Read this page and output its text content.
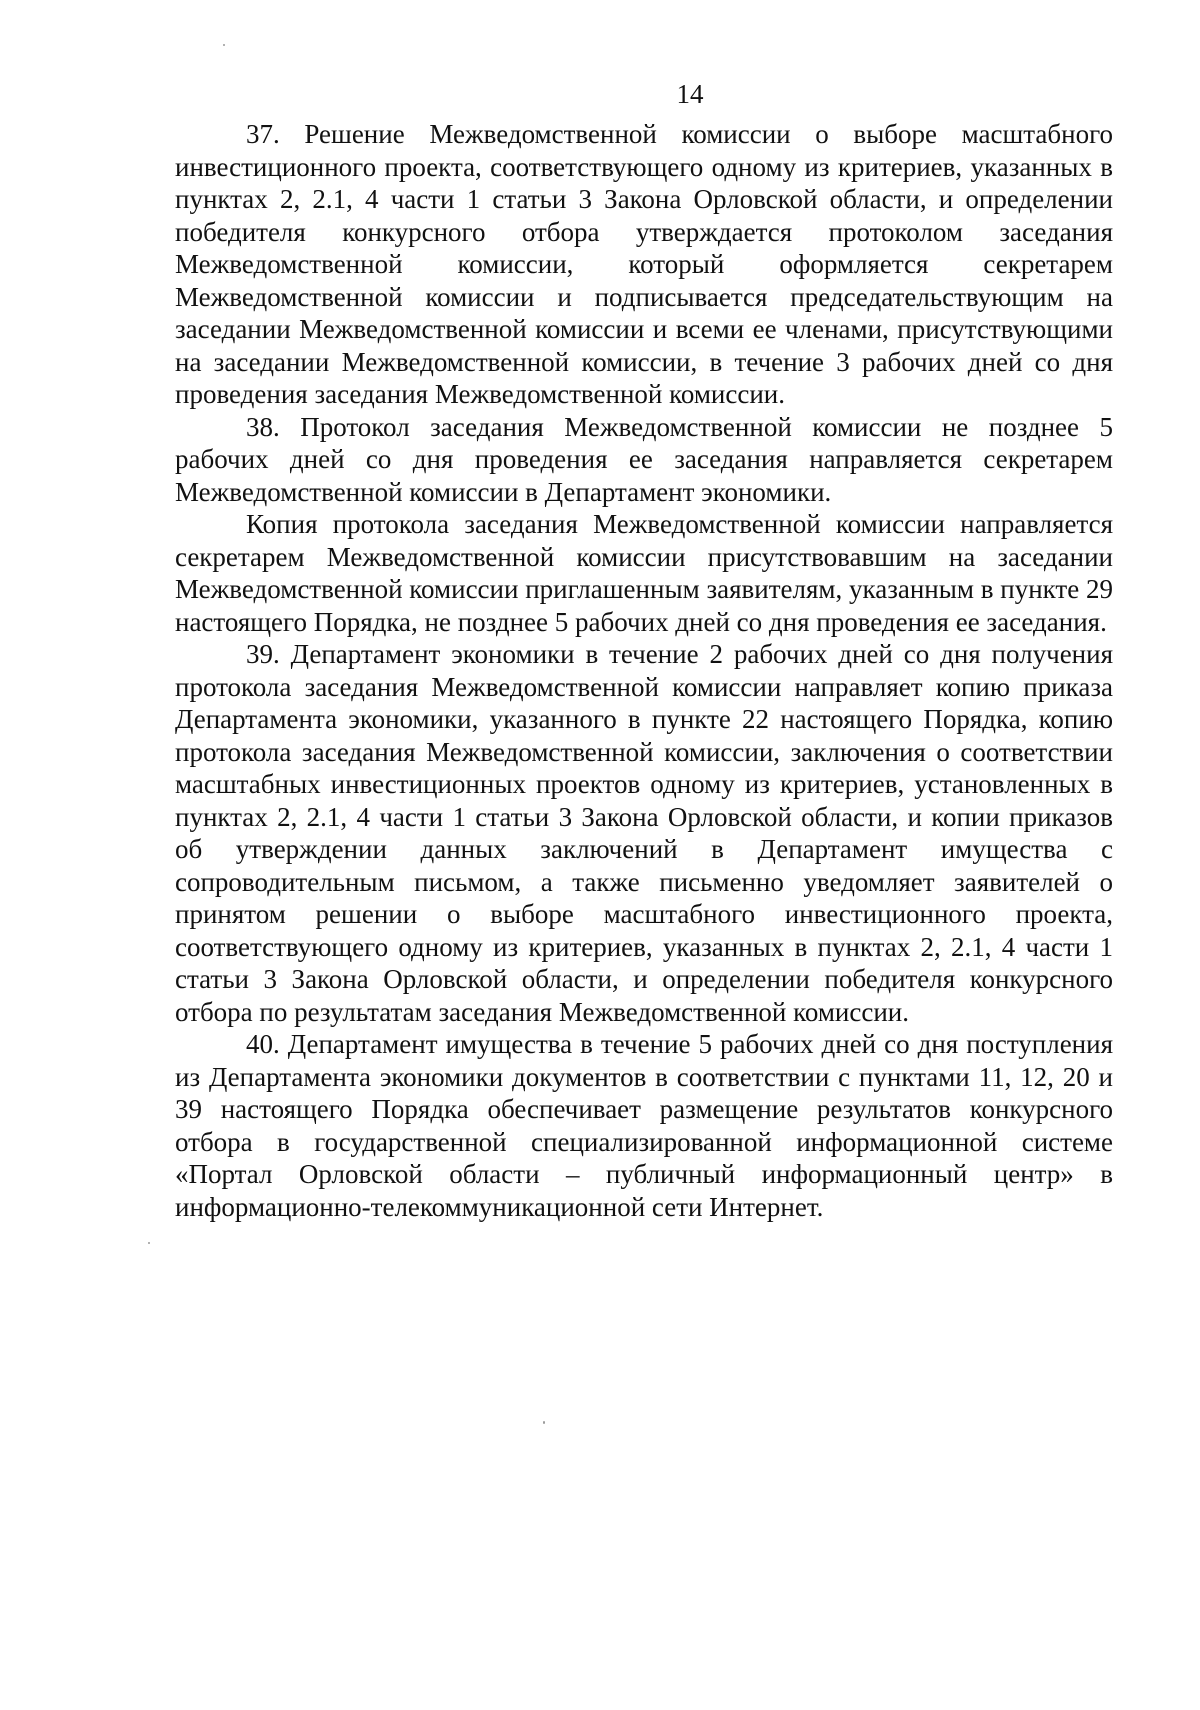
14

37. Решение Межведомственной комиссии о выборе масштабного инвестиционного проекта, соответствующего одному из критериев, указанных в пунктах 2, 2.1, 4 части 1 статьи 3 Закона Орловской области, и определении победителя конкурсного отбора утверждается протоколом заседания Межведомственной комиссии, который оформляется секретарем Межведомственной комиссии и подписывается председательствующим на заседании Межведомственной комиссии и всеми ее членами, присутствующими на заседании Межведомственной комиссии, в течение 3 рабочих дней со дня проведения заседания Межведомственной комиссии.

38. Протокол заседания Межведомственной комиссии не позднее 5 рабочих дней со дня проведения ее заседания направляется секретарем Межведомственной комиссии в Департамент экономики.

Копия протокола заседания Межведомственной комиссии направляется секретарем Межведомственной комиссии присутствовавшим на заседании Межведомственной комиссии приглашенным заявителям, указанным в пункте 29 настоящего Порядка, не позднее 5 рабочих дней со дня проведения ее заседания.

39. Департамент экономики в течение 2 рабочих дней со дня получения протокола заседания Межведомственной комиссии направляет копию приказа Департамента экономики, указанного в пункте 22 настоящего Порядка, копию протокола заседания Межведомственной комиссии, заключения о соответствии масштабных инвестиционных проектов одному из критериев, установленных в пунктах 2, 2.1, 4 части 1 статьи 3 Закона Орловской области, и копии приказов об утверждении данных заключений в Департамент имущества с сопроводительным письмом, а также письменно уведомляет заявителей о принятом решении о выборе масштабного инвестиционного проекта, соответствующего одному из критериев, указанных в пунктах 2, 2.1, 4 части 1 статьи 3 Закона Орловской области, и определении победителя конкурсного отбора по результатам заседания Межведомственной комиссии.

40. Департамент имущества в течение 5 рабочих дней со дня поступления из Департамента экономики документов в соответствии с пунктами 11, 12, 20 и 39 настоящего Порядка обеспечивает размещение результатов конкурсного отбора в государственной специализированной информационной системе «Портал Орловской области – публичный информационный центр» в информационно-телекоммуникационной сети Интернет.
